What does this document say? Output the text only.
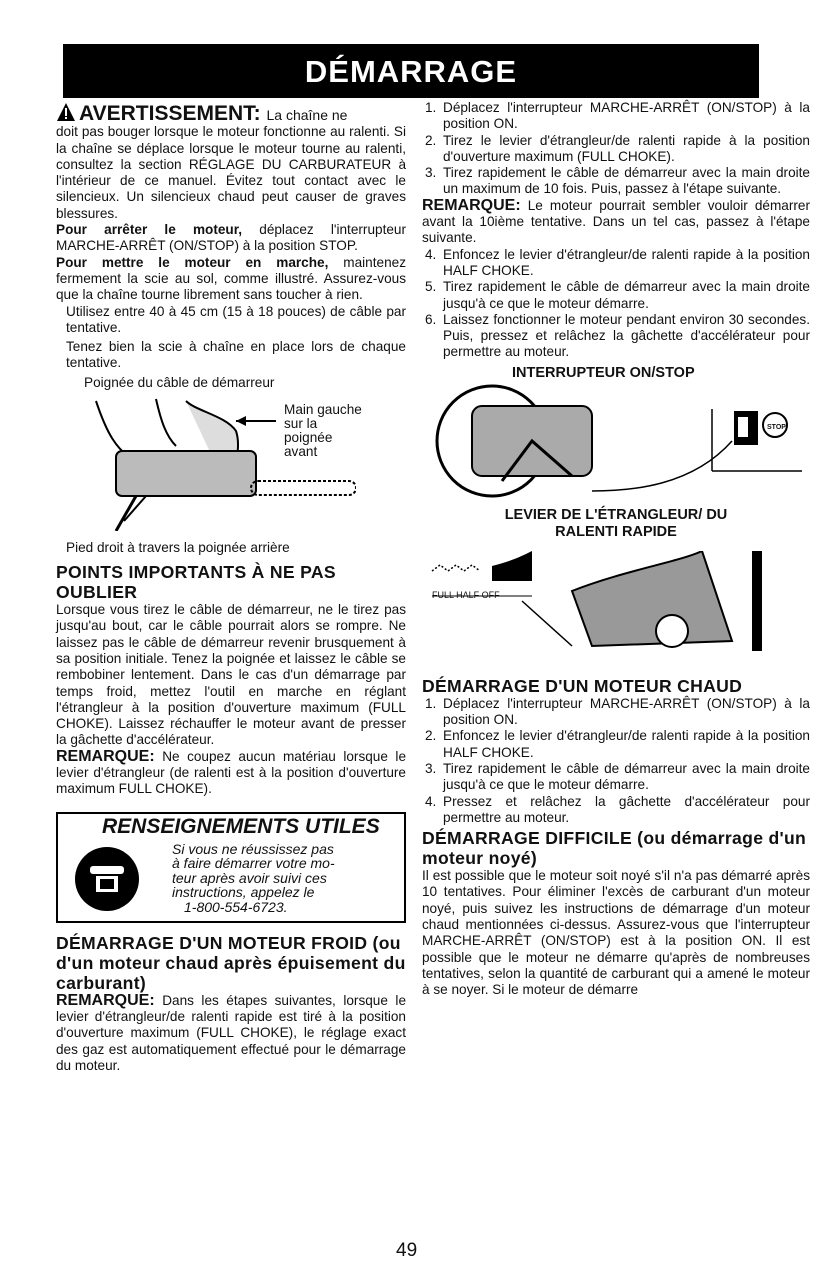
DÉMARRAGE
AVERTISSEMENT: La chaîne ne

doit pas bouger lorsque le moteur fonctionne au ralenti. Si la chaîne se déplace lorsque le moteur tourne au ralenti, consultez la section RÉGLAGE DU CARBURATEUR à l'intérieur de ce manuel. Évitez tout contact avec le silencieux. Un silencieux chaud peut causer de graves blessures.

Pour arrêter le moteur, déplacez l'interrupteur MARCHE-ARRÊT (ON/STOP) à la position STOP.

Pour mettre le moteur en marche, maintenez fermement la scie au sol, comme illustré. Assurez-vous que la chaîne tourne librement sans toucher à rien.

Utilisez entre 40 à 45 cm (15 à 18 pouces) de câble par tentative.

Tenez bien la scie à chaîne en place lors de chaque tentative.

Poignée du câble de démarreur
Main gauche sur la poignée avant
Pied droit à travers la poignée arrière
POINTS IMPORTANTS À NE PAS OUBLIER

Lorsque vous tirez le câble de démarreur, ne le tirez pas jusqu'au bout, car le câble pourrait alors se rompre. Ne laissez pas le câble de démarreur revenir brusquement à sa position initiale. Tenez la poignée et laissez le câble se rembobiner lentement. Dans le cas d'un démarrage par temps froid, mettez l'outil en marche en réglant l'étrangleur à la position d'ouverture maximum (FULL CHOKE). Laissez réchauffer le moteur avant de presser la gâchette d'accélérateur.

REMARQUE: Ne coupez aucun matériau lorsque le levier d'étrangleur (de ralenti est à la position d'ouverture maximum FULL CHOKE).

RENSEIGNEMENTS UTILES
Si vous ne réussissez pas
à faire démarrer votre mo-
teur après avoir suivi ces
instructions, appelez le
1-800-554-6723.
DÉMARRAGE D'UN MOTEUR FROID (ou d'un moteur chaud après épuisement du carburant)

REMARQUE: Dans les étapes suivantes, lorsque le levier d'étrangleur/de ralenti rapide est tiré à la position d'ouverture maximum (FULL CHOKE), le réglage exact des gaz est automatiquement effectué pour le démarrage du moteur.

1. Déplacez l'interrupteur MARCHE-ARRÊT (ON/STOP) à la position ON.
2. Tirez le levier d'étrangleur/de ralenti rapide à la position d'ouverture maximum (FULL CHOKE).
3. Tirez rapidement le câble de démarreur avec la main droite un maximum de 10 fois. Puis, passez à l'étape suivante.

REMARQUE: Le moteur pourrait sembler vouloir démarrer avant la 10ième tentative. Dans un tel cas, passez à l'étape suivante.

4. Enfoncez le levier d'étrangleur/de ralenti rapide à la position HALF CHOKE.
5. Tirez rapidement le câble de démarreur avec la main droite jusqu'à ce que le moteur démarre.
6. Laissez fonctionner le moteur pendant environ 30 secondes. Puis, pressez et relâchez la gâchette d'accélérateur pour permettre au moteur.
INTERRUPTEUR ON/STOP
STOP
LEVIER DE L'ÉTRANGLEUR/ DU RALENTI RAPIDE
FULL HALF OFF
DÉMARRAGE D'UN MOTEUR CHAUD
1. Déplacez l'interrupteur MARCHE-ARRÊT (ON/STOP) à la position ON.
2. Enfoncez le levier d'étrangleur/de ralenti rapide à la position HALF CHOKE.
3. Tirez rapidement le câble de démarreur avec la main droite jusqu'à ce que le moteur démarre.
4. Pressez et relâchez la gâchette d'accélérateur pour permettre au moteur.
DÉMARRAGE DIFFICILE (ou démarrage d'un moteur noyé)

Il est possible que le moteur soit noyé s'il n'a pas démarré après 10 tentatives. Pour éliminer l'excès de carburant d'un moteur noyé, puis suivez les instructions de démarrage d'un moteur chaud mentionnées ci-dessus. Assurez-vous que l'interrupteur MARCHE-ARRÊT (ON/STOP) est à la position ON. Il est possible que le moteur ne démarre qu'après de nombreuses tentatives, selon la quantité de carburant qui a amené le moteur à se noyer. Si le moteur de démarre

49
